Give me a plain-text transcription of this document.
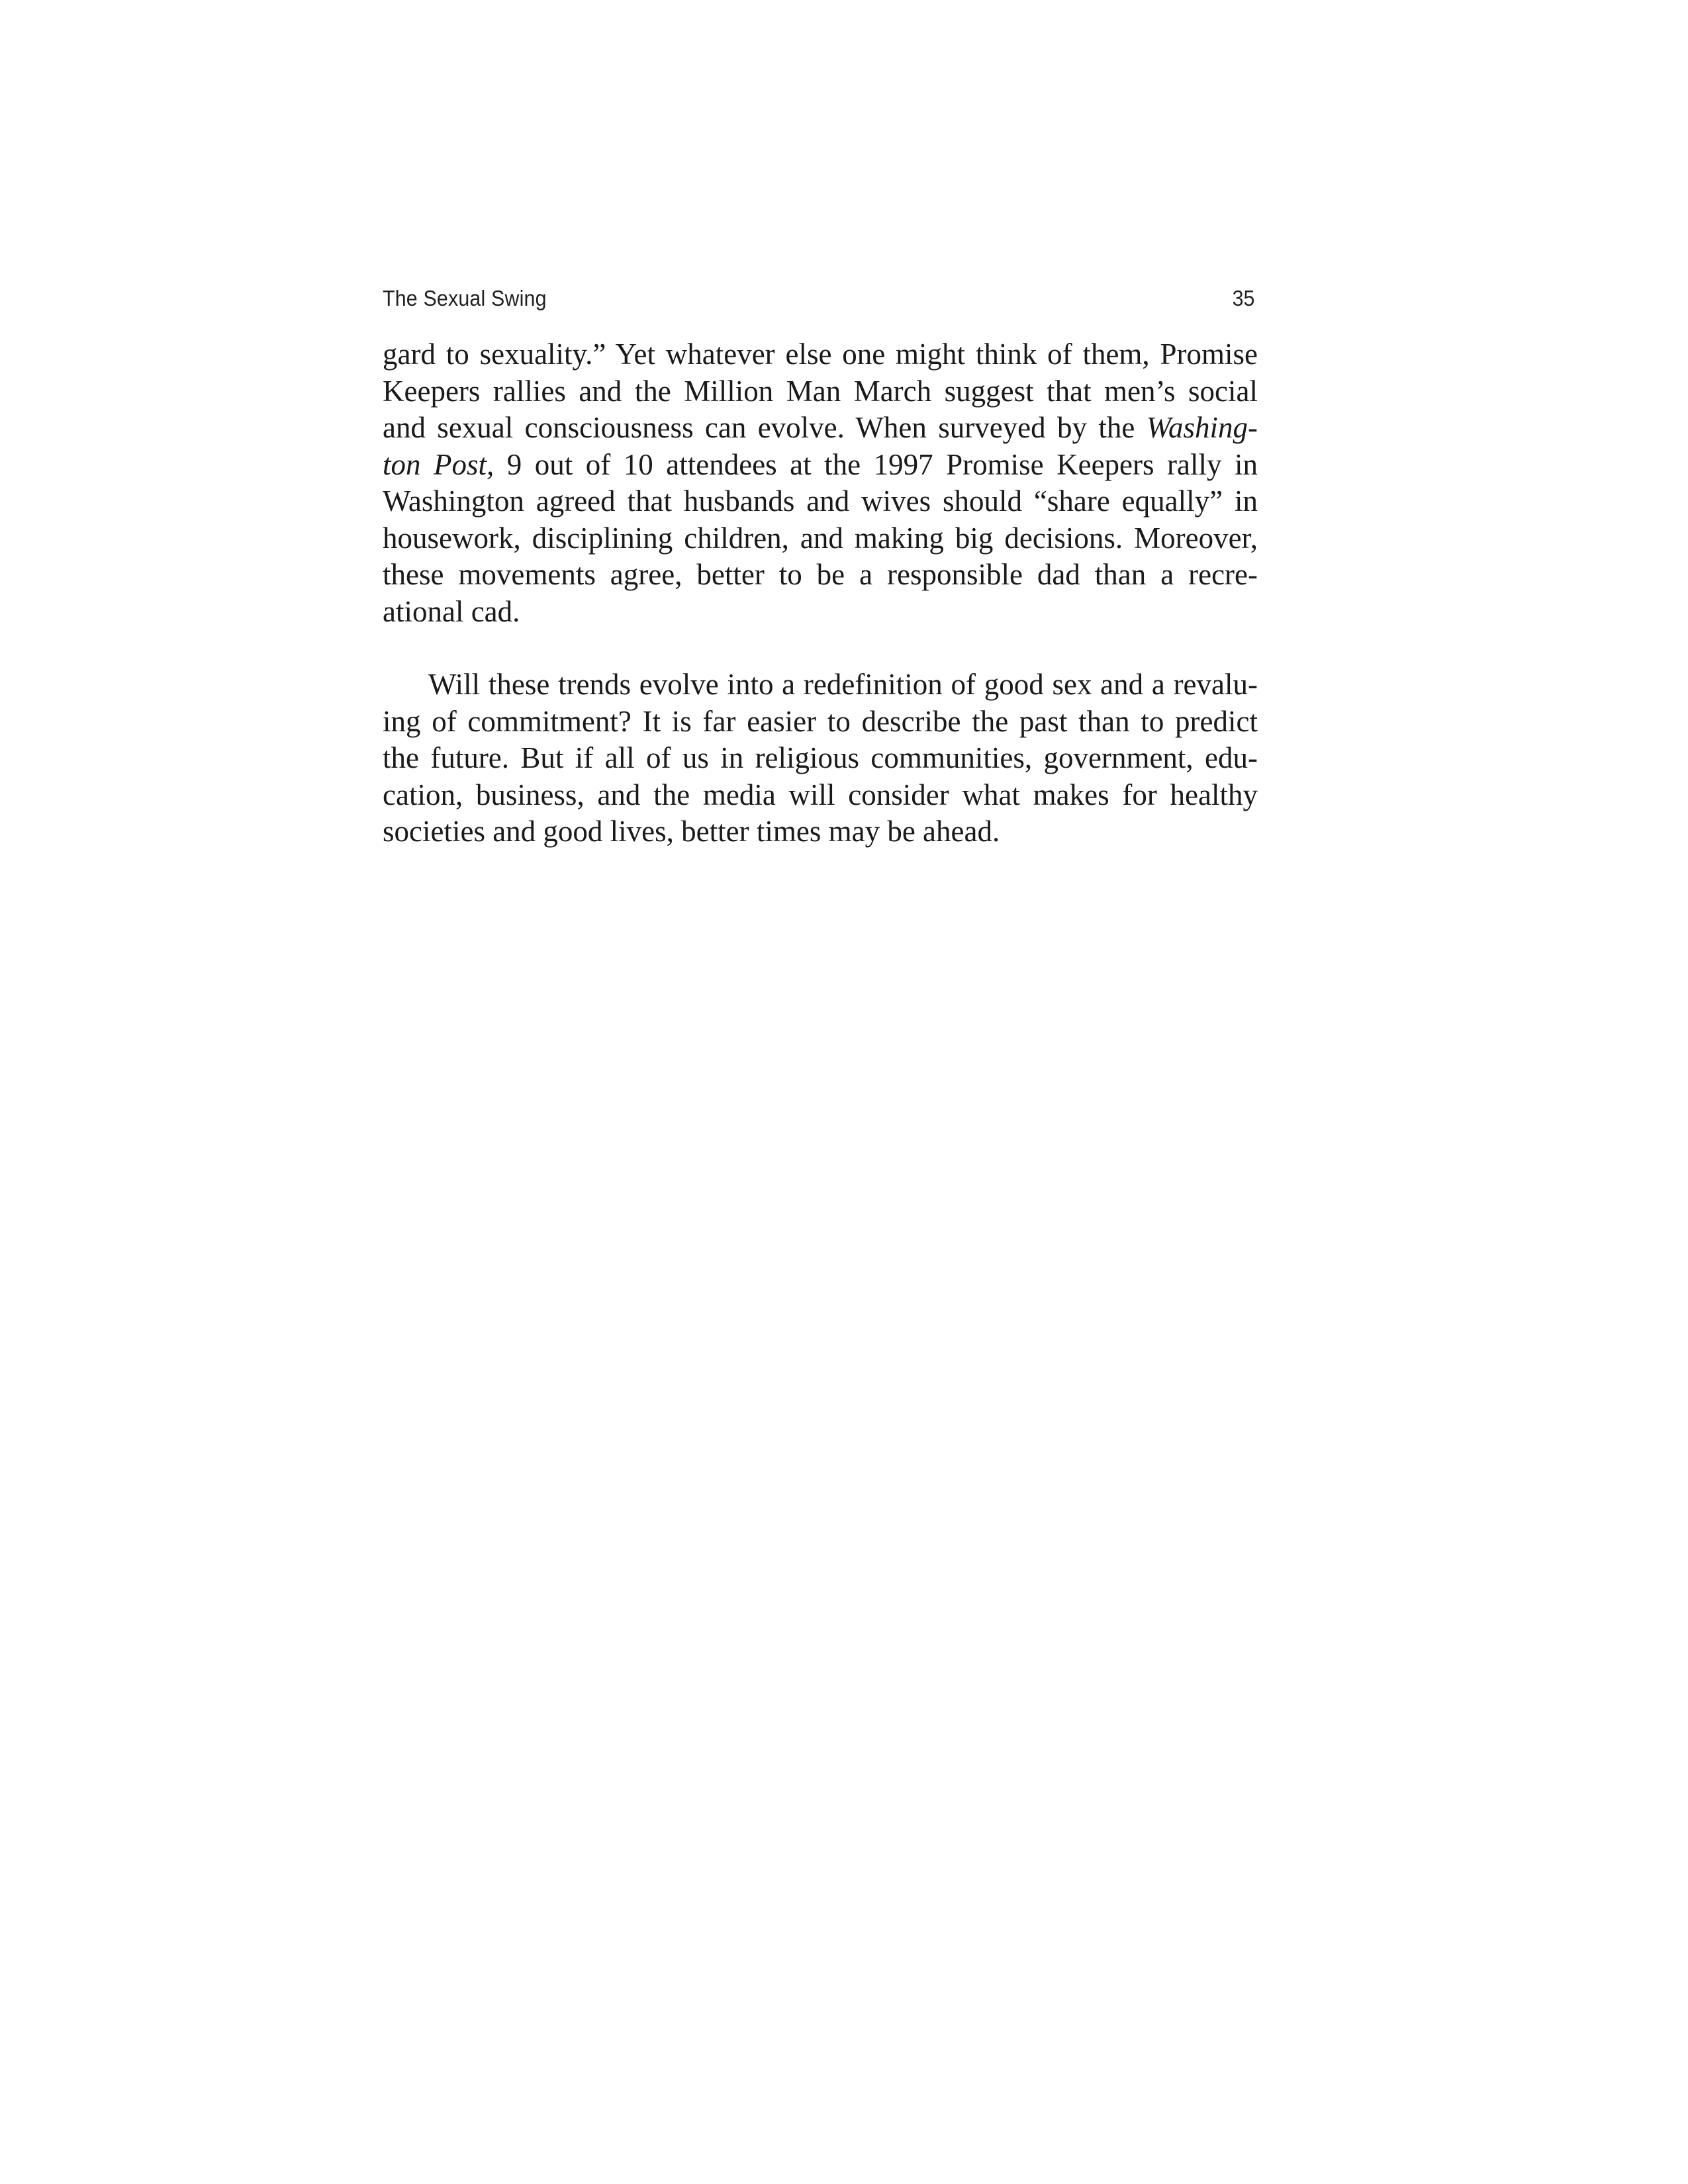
The Sexual Swing	35

gard to sexuality.” Yet whatever else one might think of them, Promise
Keepers rallies and the Million Man March suggest that men’s social
and sexual consciousness can evolve. When surveyed by the Washing-
ton Post, 9 out of 10 attendees at the 1997 Promise Keepers rally in
Washington agreed that husbands and wives should “share equally” in
housework, disciplining children, and making big decisions. Moreover,
these movements agree, better to be a responsible dad than a recre-
ational cad.

Will these trends evolve into a redefinition of good sex and a revalu-
ing of commitment? It is far easier to describe the past than to predict
the future. But if all of us in religious communities, government, edu-
cation, business, and the media will consider what makes for healthy
societies and good lives, better times may be ahead.
